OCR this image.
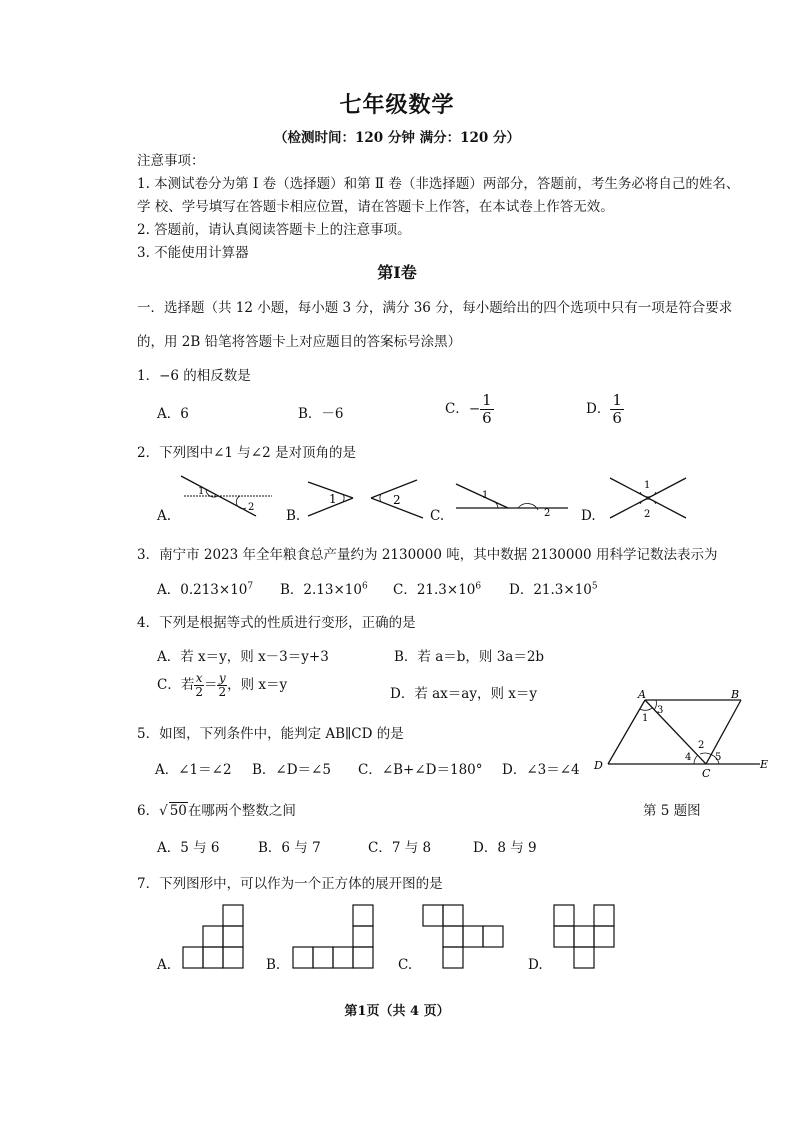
七年级数学
（检测时间：120 分钟 满分：120 分）
注意事项：
1. 本测试卷分为第 Ⅰ 卷（选择题）和第 Ⅱ 卷（非选择题）两部分，答题前，考生务必将自己的姓名、
学 校、学号填写在答题卡相应位置，请在答题卡上作答，在本试卷上作答无效。
2. 答题前，请认真阅读答题卡上的注意事项。
3. 不能使用计算器
第Ⅰ卷
一．选择题（共 12 小题，每小题 3 分，满分 36 分，每小题给出的四个选项中只有一项是符合要求
的，用 2B 铅笔将答题卡上对应题目的答案标号涂黑）
1．−6 的相反数是
A．6	B．－6	C．− $\frac{1}{6}$	D． $\frac{1}{6}$
2．下列图中∠1 与∠2 是对顶角的是
A.	B.	C.	D.
1
2
1	2	1
2
1
2
3．南宁市 2023 年全年粮食总产量约为 2130000 吨，其中数据 2130000 用科学记数法表示为
A．$0.213\times 10^7$ B．$2.13\times 10^6$ C．$21.3\times 10^6$ D．$21.3\times 10^5$
4．下列是根据等式的性质进行变形，正确的是
A．若 x＝y，则 x－3＝y+3	B．若 a＝b，则 3a＝2b
C．若 $\frac{x}{2} = \frac{y}{2}$ ，则 x＝y
D．若 ax＝ay，则 x＝y
5．如图，下列条件中，能判定 AB∥CD 的是
A．∠1＝∠2 B．∠D＝∠5 C．∠B+∠D＝180° D．∠3＝∠4
A	B
C
D	E
1
3
2
4 5
第 5 题图
6．√ 50在哪两个整数之间
A．5 与 6	B．6 与 7	C．7 与 8	D．8 与 9
7．下列图形中，可以作为一个正方体的展开图的是
A.	B.	C.	D.
第1页（共 4 页）
